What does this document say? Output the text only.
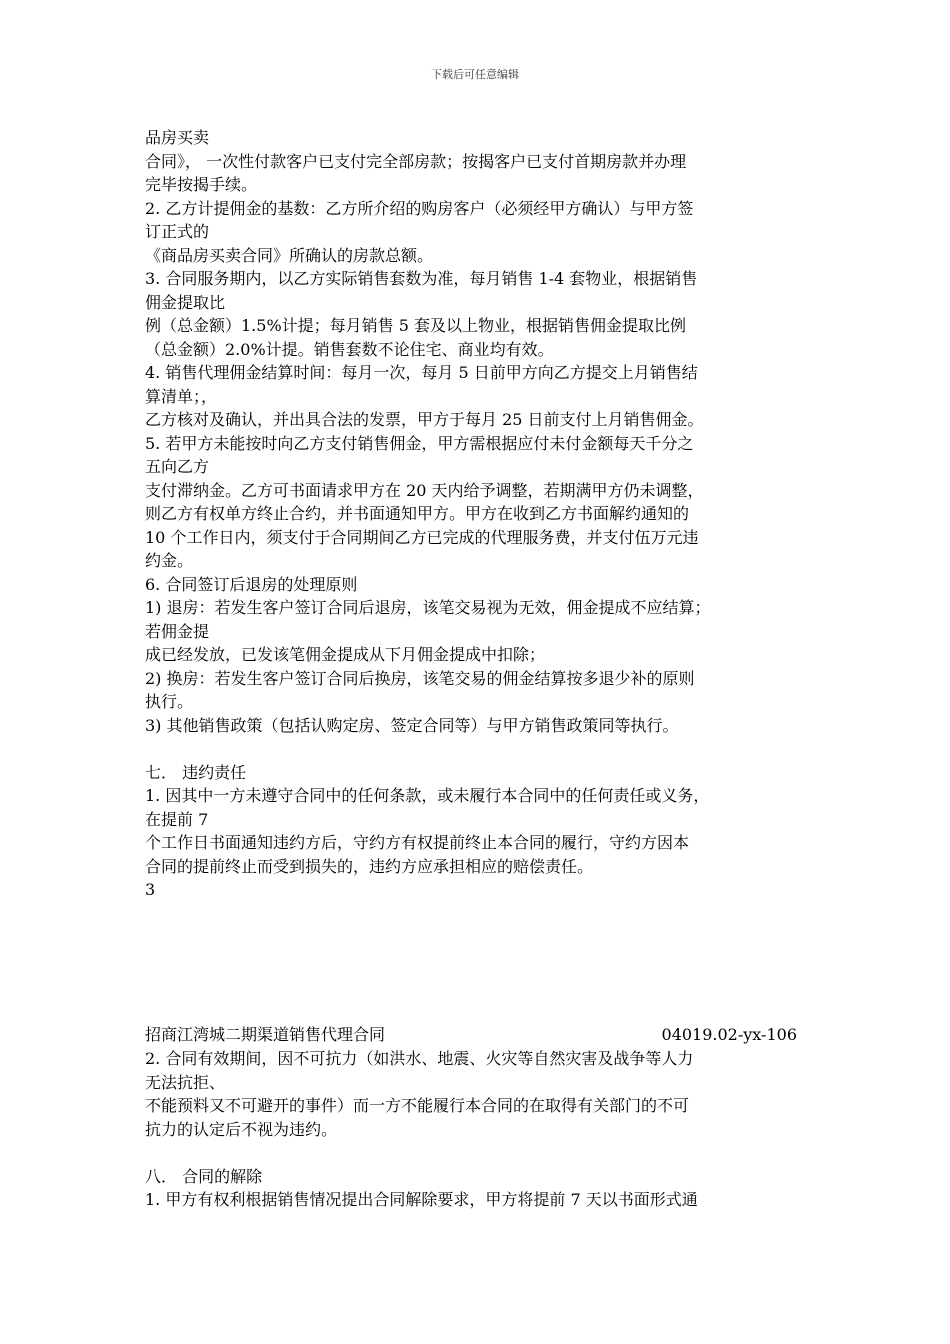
下载后可任意编辑

品房买卖

合同》， 一次性付款客户已支付完全部房款；按揭客户已支付首期房款并办理

完毕按揭手续。

2. 乙方计提佣金的基数：乙方所介绍的购房客户（必须经甲方确认）与甲方签

订正式的

《商品房买卖合同》所确认的房款总额。

3. 合同服务期内，以乙方实际销售套数为准，每月销售 1-4 套物业，根据销售

佣金提取比

例（总金额）1.5%计提；每月销售 5 套及以上物业，根据销售佣金提取比例

（总金额）2.0%计提。销售套数不论住宅、商业均有效。

4. 销售代理佣金结算时间：每月一次，每月 5 日前甲方向乙方提交上月销售结

算清单；，

乙方核对及确认，并出具合法的发票，甲方于每月 25 日前支付上月销售佣金。

5. 若甲方未能按时向乙方支付销售佣金，甲方需根据应付未付金额每天千分之

五向乙方

支付滞纳金。乙方可书面请求甲方在 20 天内给予调整，若期满甲方仍未调整，

则乙方有权单方终止合约，并书面通知甲方。甲方在收到乙方书面解约通知的

10 个工作日内，须支付于合同期间乙方已完成的代理服务费，并支付伍万元违

约金。

6. 合同签订后退房的处理原则

1) 退房：若发生客户签订合同后退房，该笔交易视为无效，佣金提成不应结算；

若佣金提

成已经发放，已发该笔佣金提成从下月佣金提成中扣除；

2) 换房：若发生客户签订合同后换房，该笔交易的佣金结算按多退少补的原则

执行。

3) 其他销售政策（包括认购定房、签定合同等）与甲方销售政策同等执行。

七． 违约责任

1. 因其中一方未遵守合同中的任何条款，或未履行本合同中的任何责任或义务，

在提前 7

个工作日书面通知违约方后，守约方有权提前终止本合同的履行，守约方因本

合同的提前终止而受到损失的，违约方应承担相应的赔偿责任。

3

招商江湾城二期渠道销售代理合同	04019.02-yx-106

2. 合同有效期间，因不可抗力（如洪水、地震、火灾等自然灾害及战争等人力

无法抗拒、

不能预料又不可避开的事件）而一方不能履行本合同的在取得有关部门的不可

抗力的认定后不视为违约。

八． 合同的解除

1. 甲方有权利根据销售情况提出合同解除要求，甲方将提前 7 天以书面形式通
